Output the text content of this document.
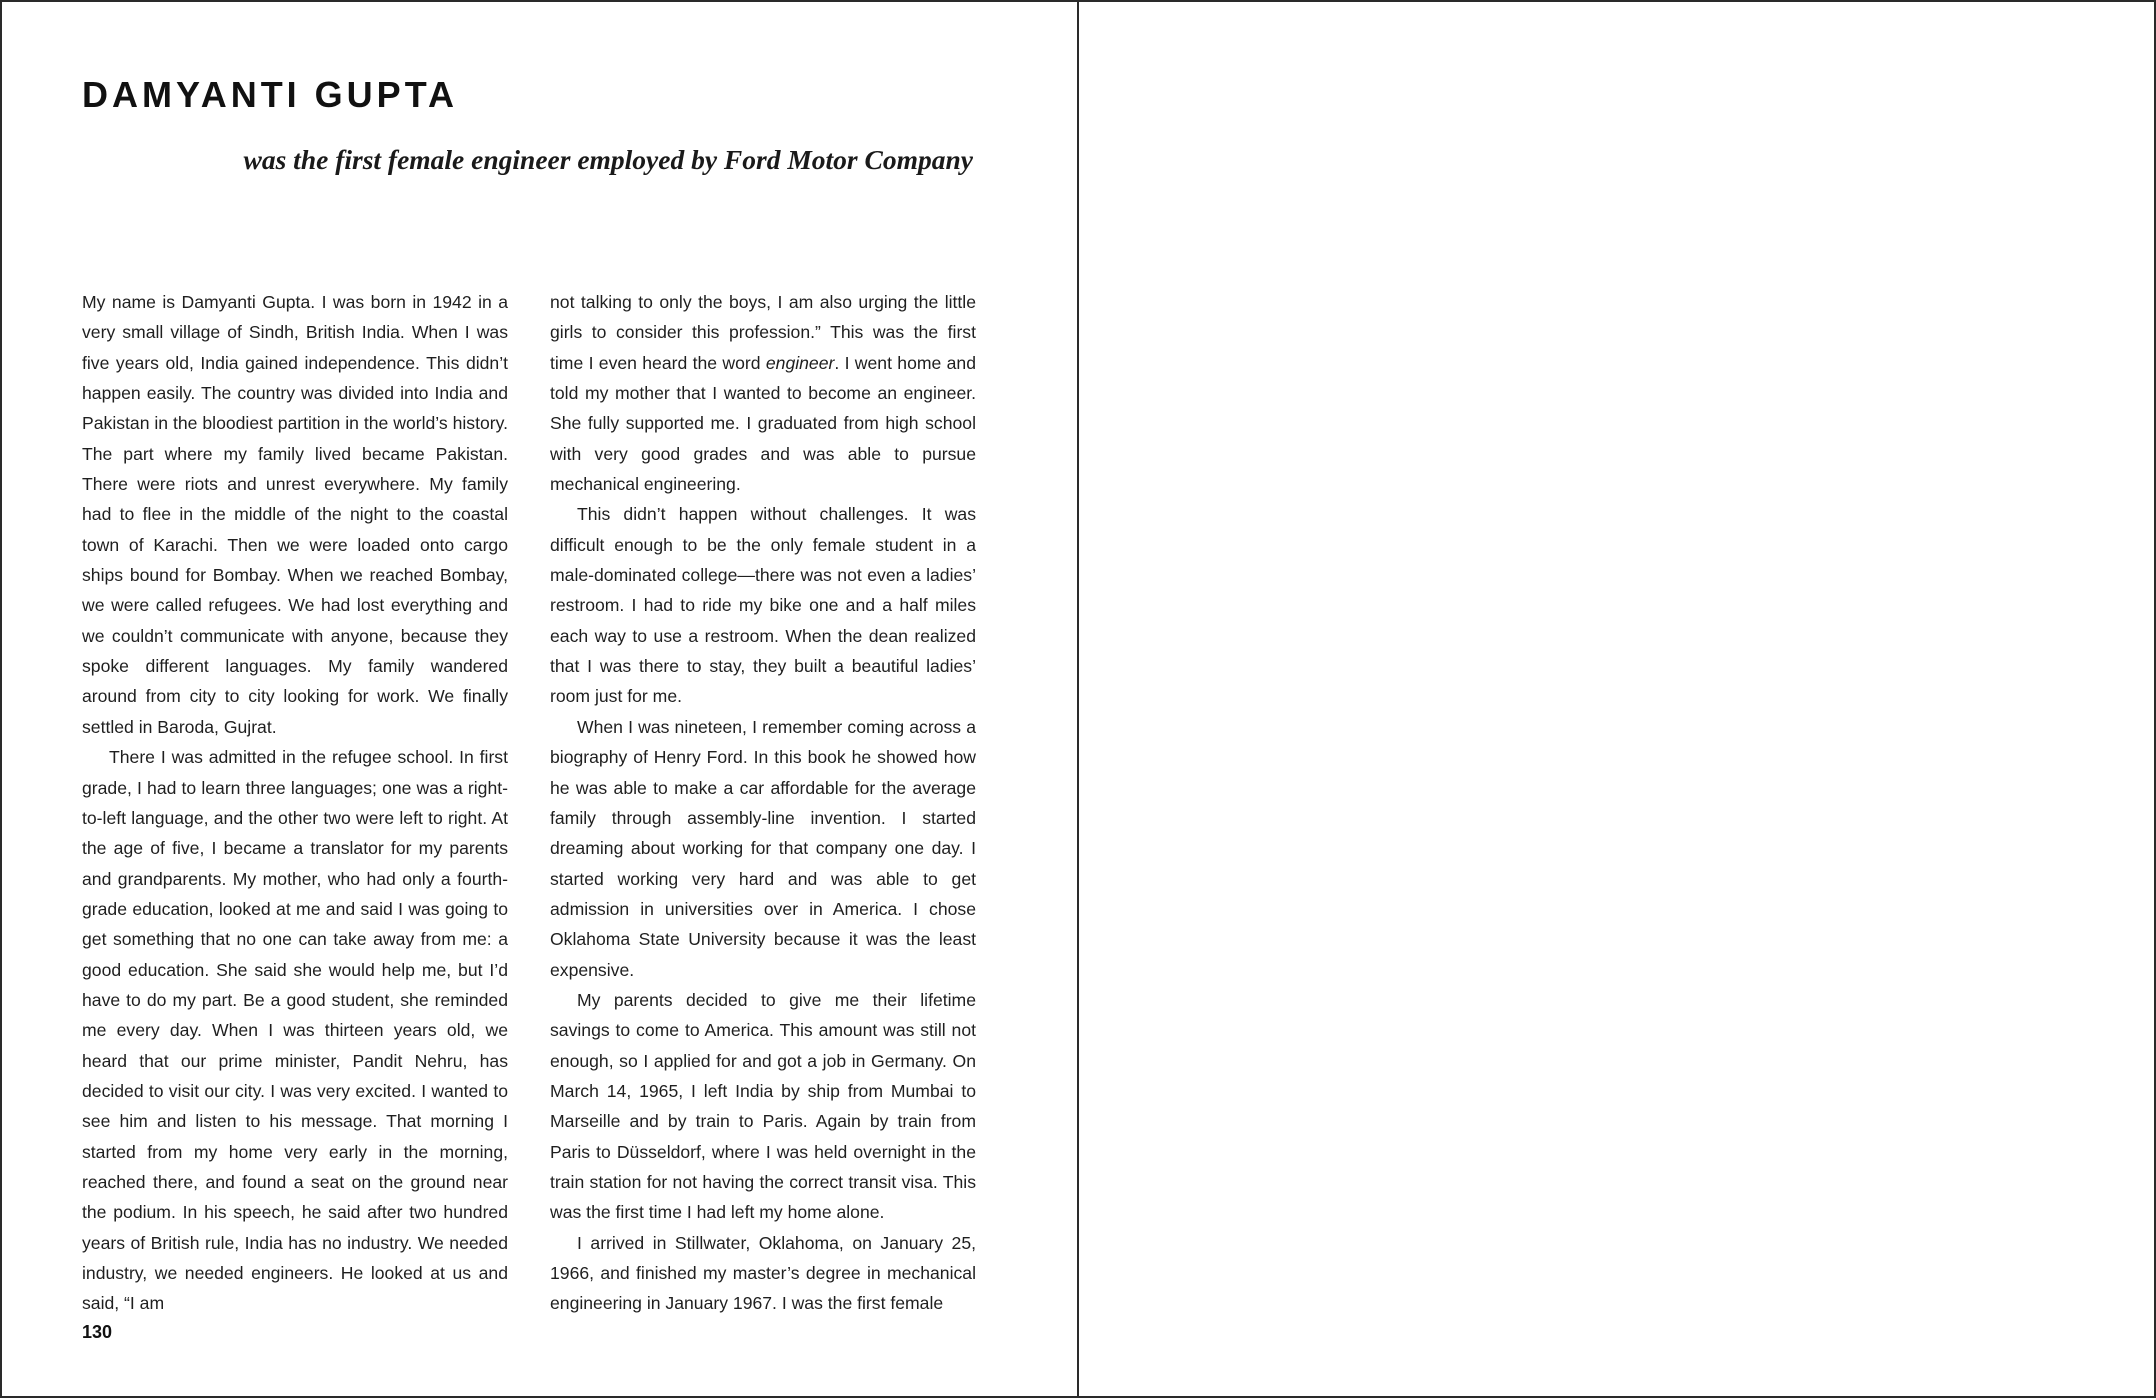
DAMYANTI GUPTA
was the first female engineer employed by Ford Motor Company

My name is Damyanti Gupta. I was born in 1942 in a very small village of Sindh, British India. When I was five years old, India gained independence. This didn’t happen easily. The country was divided into India and Pakistan in the bloodiest partition in the world’s history. The part where my family lived became Pakistan. There were riots and unrest everywhere. My family had to flee in the middle of the night to the coastal town of Karachi. Then we were loaded onto cargo ships bound for Bombay. When we reached Bombay, we were called refugees. We had lost everything and we couldn’t communicate with anyone, because they spoke different languages. My family wandered around from city to city looking for work. We finally settled in Baroda, Gujrat.

There I was admitted in the refugee school. In first grade, I had to learn three languages; one was a right-to-left language, and the other two were left to right. At the age of five, I became a translator for my parents and grandparents. My mother, who had only a fourth-grade education, looked at me and said I was going to get something that no one can take away from me: a good education. She said she would help me, but I’d have to do my part. Be a good student, she reminded me every day. When I was thirteen years old, we heard that our prime minister, Pandit Nehru, has decided to visit our city. I was very excited. I wanted to see him and listen to his message. That morning I started from my home very early in the morning, reached there, and found a seat on the ground near the podium. In his speech, he said after two hundred years of British rule, India has no industry. We needed industry, we needed engineers. He looked at us and said, “I am

not talking to only the boys, I am also urging the little girls to consider this profession.” This was the first time I even heard the word engineer. I went home and told my mother that I wanted to become an engineer. She fully supported me. I graduated from high school with very good grades and was able to pursue mechanical engineering.

This didn’t happen without challenges. It was difficult enough to be the only female student in a male-dominated college—there was not even a ladies’ restroom. I had to ride my bike one and a half miles each way to use a restroom. When the dean realized that I was there to stay, they built a beautiful ladies’ room just for me.

When I was nineteen, I remember coming across a biography of Henry Ford. In this book he showed how he was able to make a car affordable for the average family through assembly-line invention. I started dreaming about working for that company one day. I started working very hard and was able to get admission in universities over in America. I chose Oklahoma State University because it was the least expensive.

My parents decided to give me their lifetime savings to come to America. This amount was still not enough, so I applied for and got a job in Germany. On March 14, 1965, I left India by ship from Mumbai to Marseille and by train to Paris. Again by train from Paris to Düsseldorf, where I was held overnight in the train station for not having the correct transit visa. This was the first time I had left my home alone.

I arrived in Stillwater, Oklahoma, on January 25, 1966, and finished my master’s degree in mechanical engineering in January 1967. I was the first female

130
